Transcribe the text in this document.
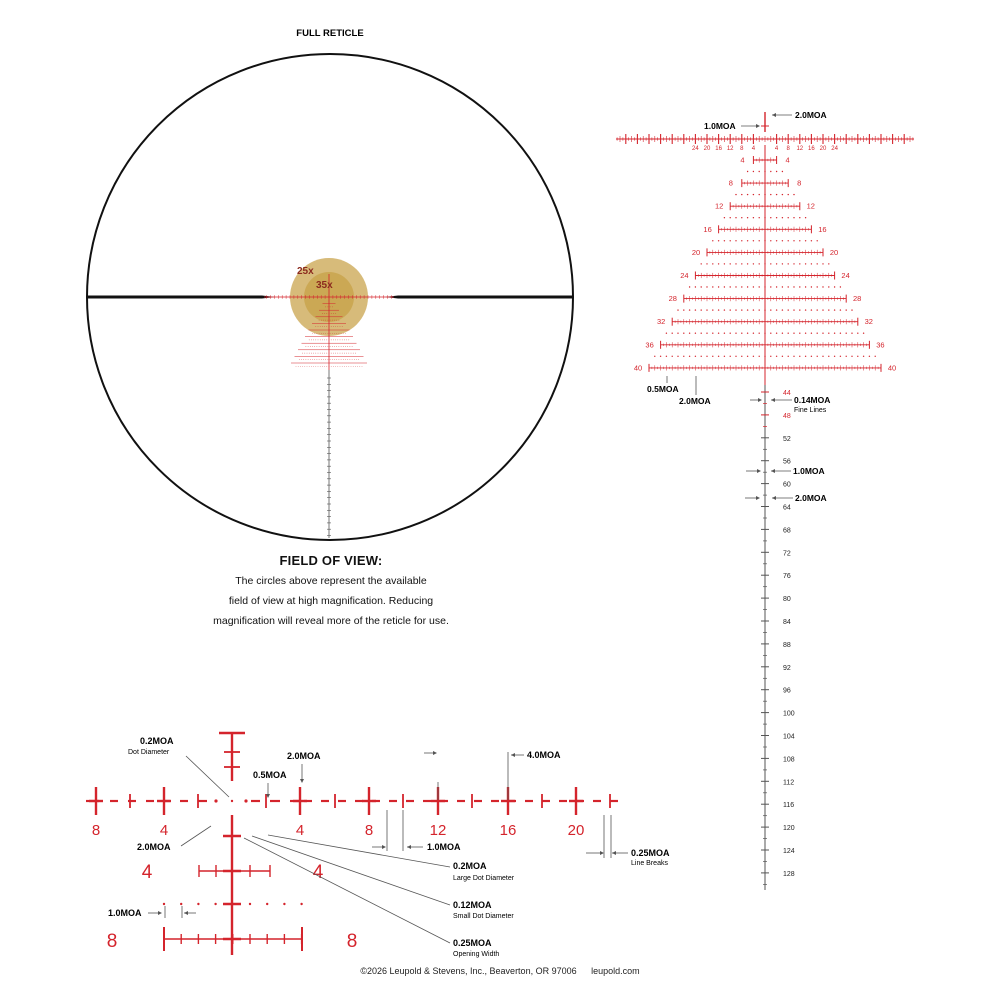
FULL RETICLE
25x
35x
24 20 16 12 8 4	4 8 12 16 20 24
4	4
8	8
12	12
16	16
20	20
24	24
28	28
32	32
36	36
40	40
44
48
52
56
60
64
68
72
76
80
84
88
92
96
100
104
108
112
116
120
124
128
2.0MOA
1.0MOA
0.5MOA
2.0MOA	0.14MOA
Fine Lines
1.0MOA
2.0MOA
8	4	4	8	12	16	20
4	4
8	8
0.2MOA
Dot Diameter	2.0MOA
0.5MOA
4.0MOA
2.0MOA	1.0MOA
0.25MOA
Line Breaks
0.2MOA
Large Dot Diameter
0.12MOA
Small Dot Diameter
0.25MOA
Opening Width
1.0MOA
FIELD OF VIEW:
The circles above represent the available
field of view at high magnification. Reducing
magnification will reveal more of the reticle for use.
©2026 Leupold & Stevens, Inc., Beaverton, OR 97006 leupold.com
